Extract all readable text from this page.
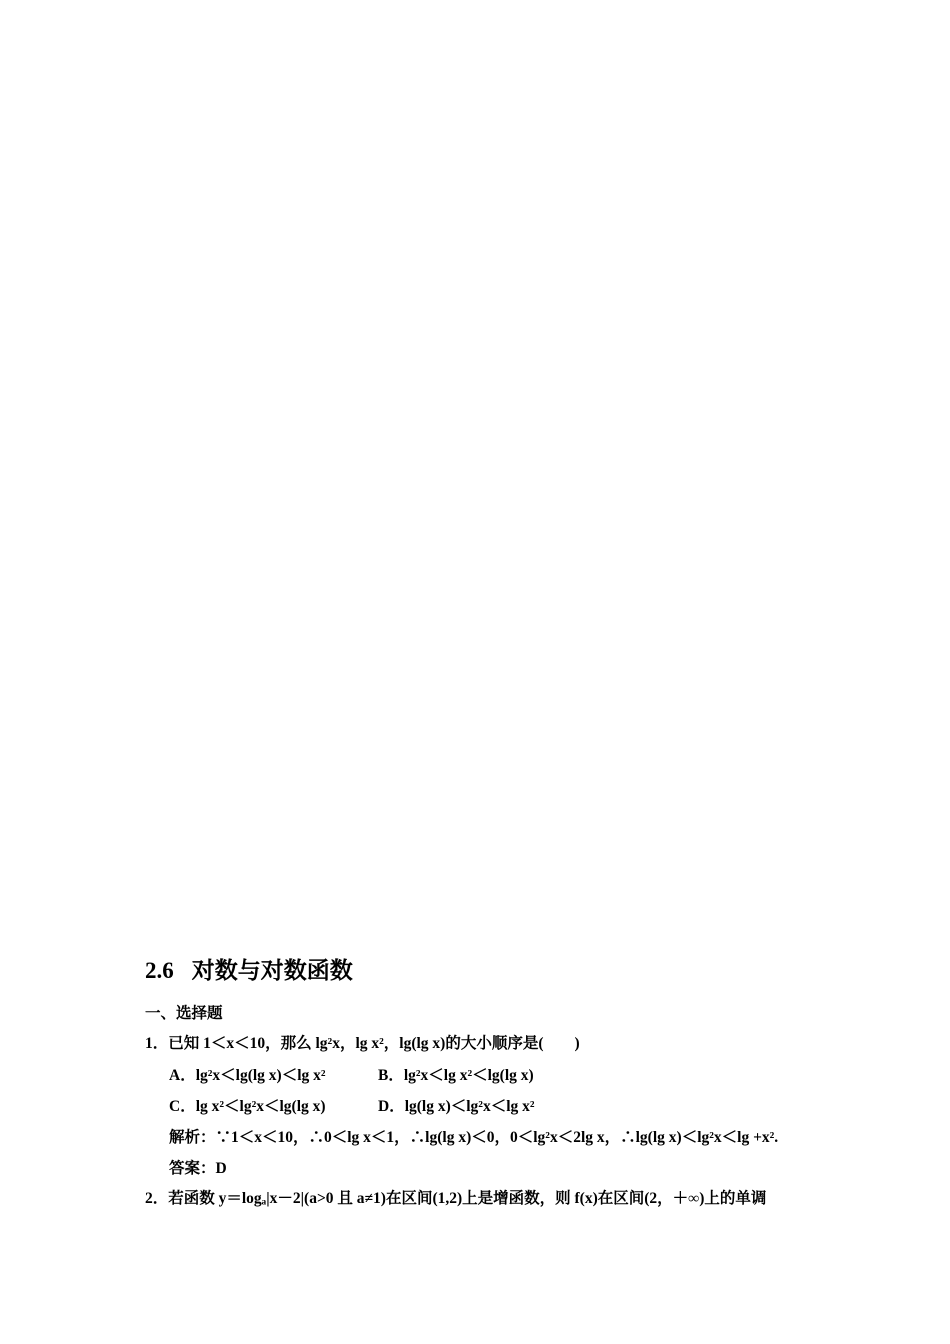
2.6 对数与对数函数
一、选择题
1．已知 1＜x＜10，那么 lg²x，lg x²，lg(lg x)的大小顺序是(　　)
A．lg²x＜lg(lg x)＜lg x²	B．lg²x＜lg x²＜lg(lg x)
C．lg x²＜lg²x＜lg(lg x)	D．lg(lg x)＜lg²x＜lg x²
解析：∵1＜x＜10，∴0＜lg x＜1，∴lg(lg x)＜0，0＜lg²x＜2lg x，∴lg(lg x)＜lg²x＜lg +x².
答案：D
2．若函数 y＝logₐ|x－2|(a>0 且 a≠1)在区间(1,2)上是增函数，则 f(x)在区间(2，＋∞)上的单调
